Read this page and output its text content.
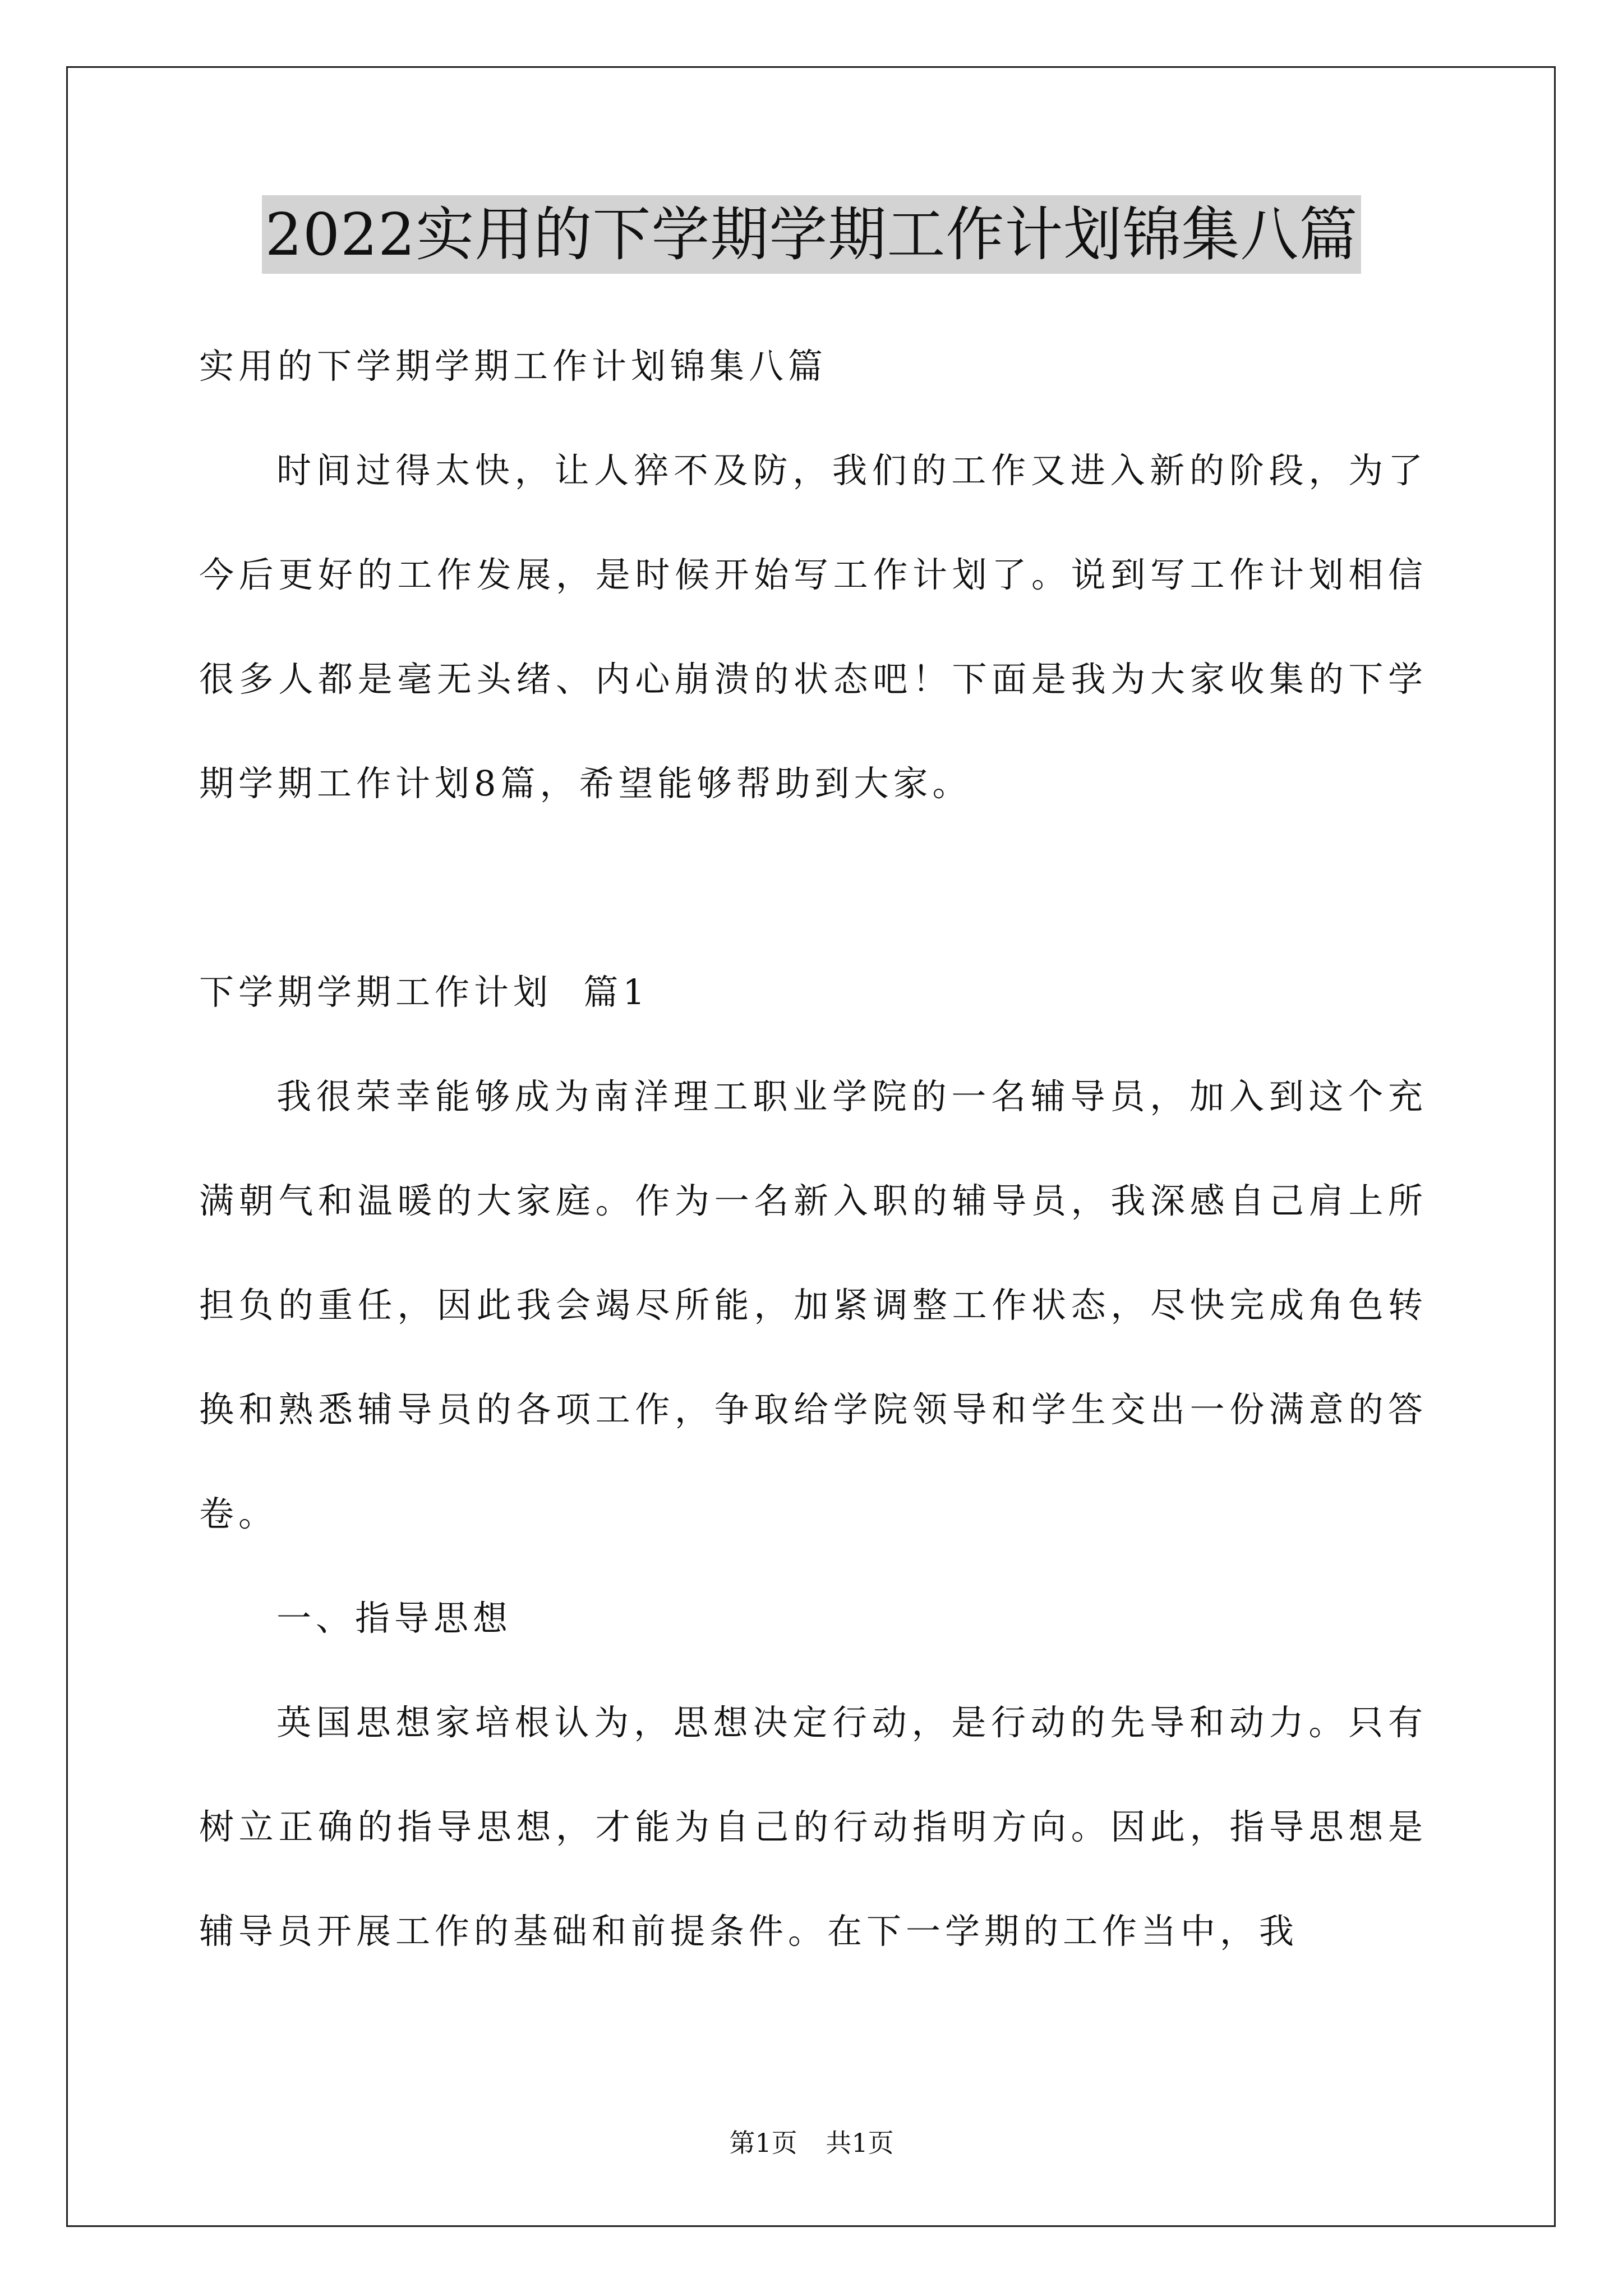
2022实用的下学期学期工作计划锦集八篇

实用的下学期学期工作计划锦集八篇

时间过得太快，让人猝不及防，我们的工作又进入新的阶段，为了今后更好的工作发展，是时候开始写工作计划了。说到写工作计划相信很多人都是毫无头绪、内心崩溃的状态吧！下面是我为大家收集的下学期学期工作计划8篇，希望能够帮助到大家。

下学期学期工作计划  篇1

我很荣幸能够成为南洋理工职业学院的一名辅导员，加入到这个充满朝气和温暖的大家庭。作为一名新入职的辅导员，我深感自己肩上所担负的重任，因此我会竭尽所能，加紧调整工作状态，尽快完成角色转换和熟悉辅导员的各项工作，争取给学院领导和学生交出一份满意的答卷。

一、指导思想

英国思想家培根认为，思想决定行动，是行动的先导和动力。只有树立正确的指导思想，才能为自己的行动指明方向。因此，指导思想是辅导员开展工作的基础和前提条件。在下一学期的工作当中，我

第1页 共1页
